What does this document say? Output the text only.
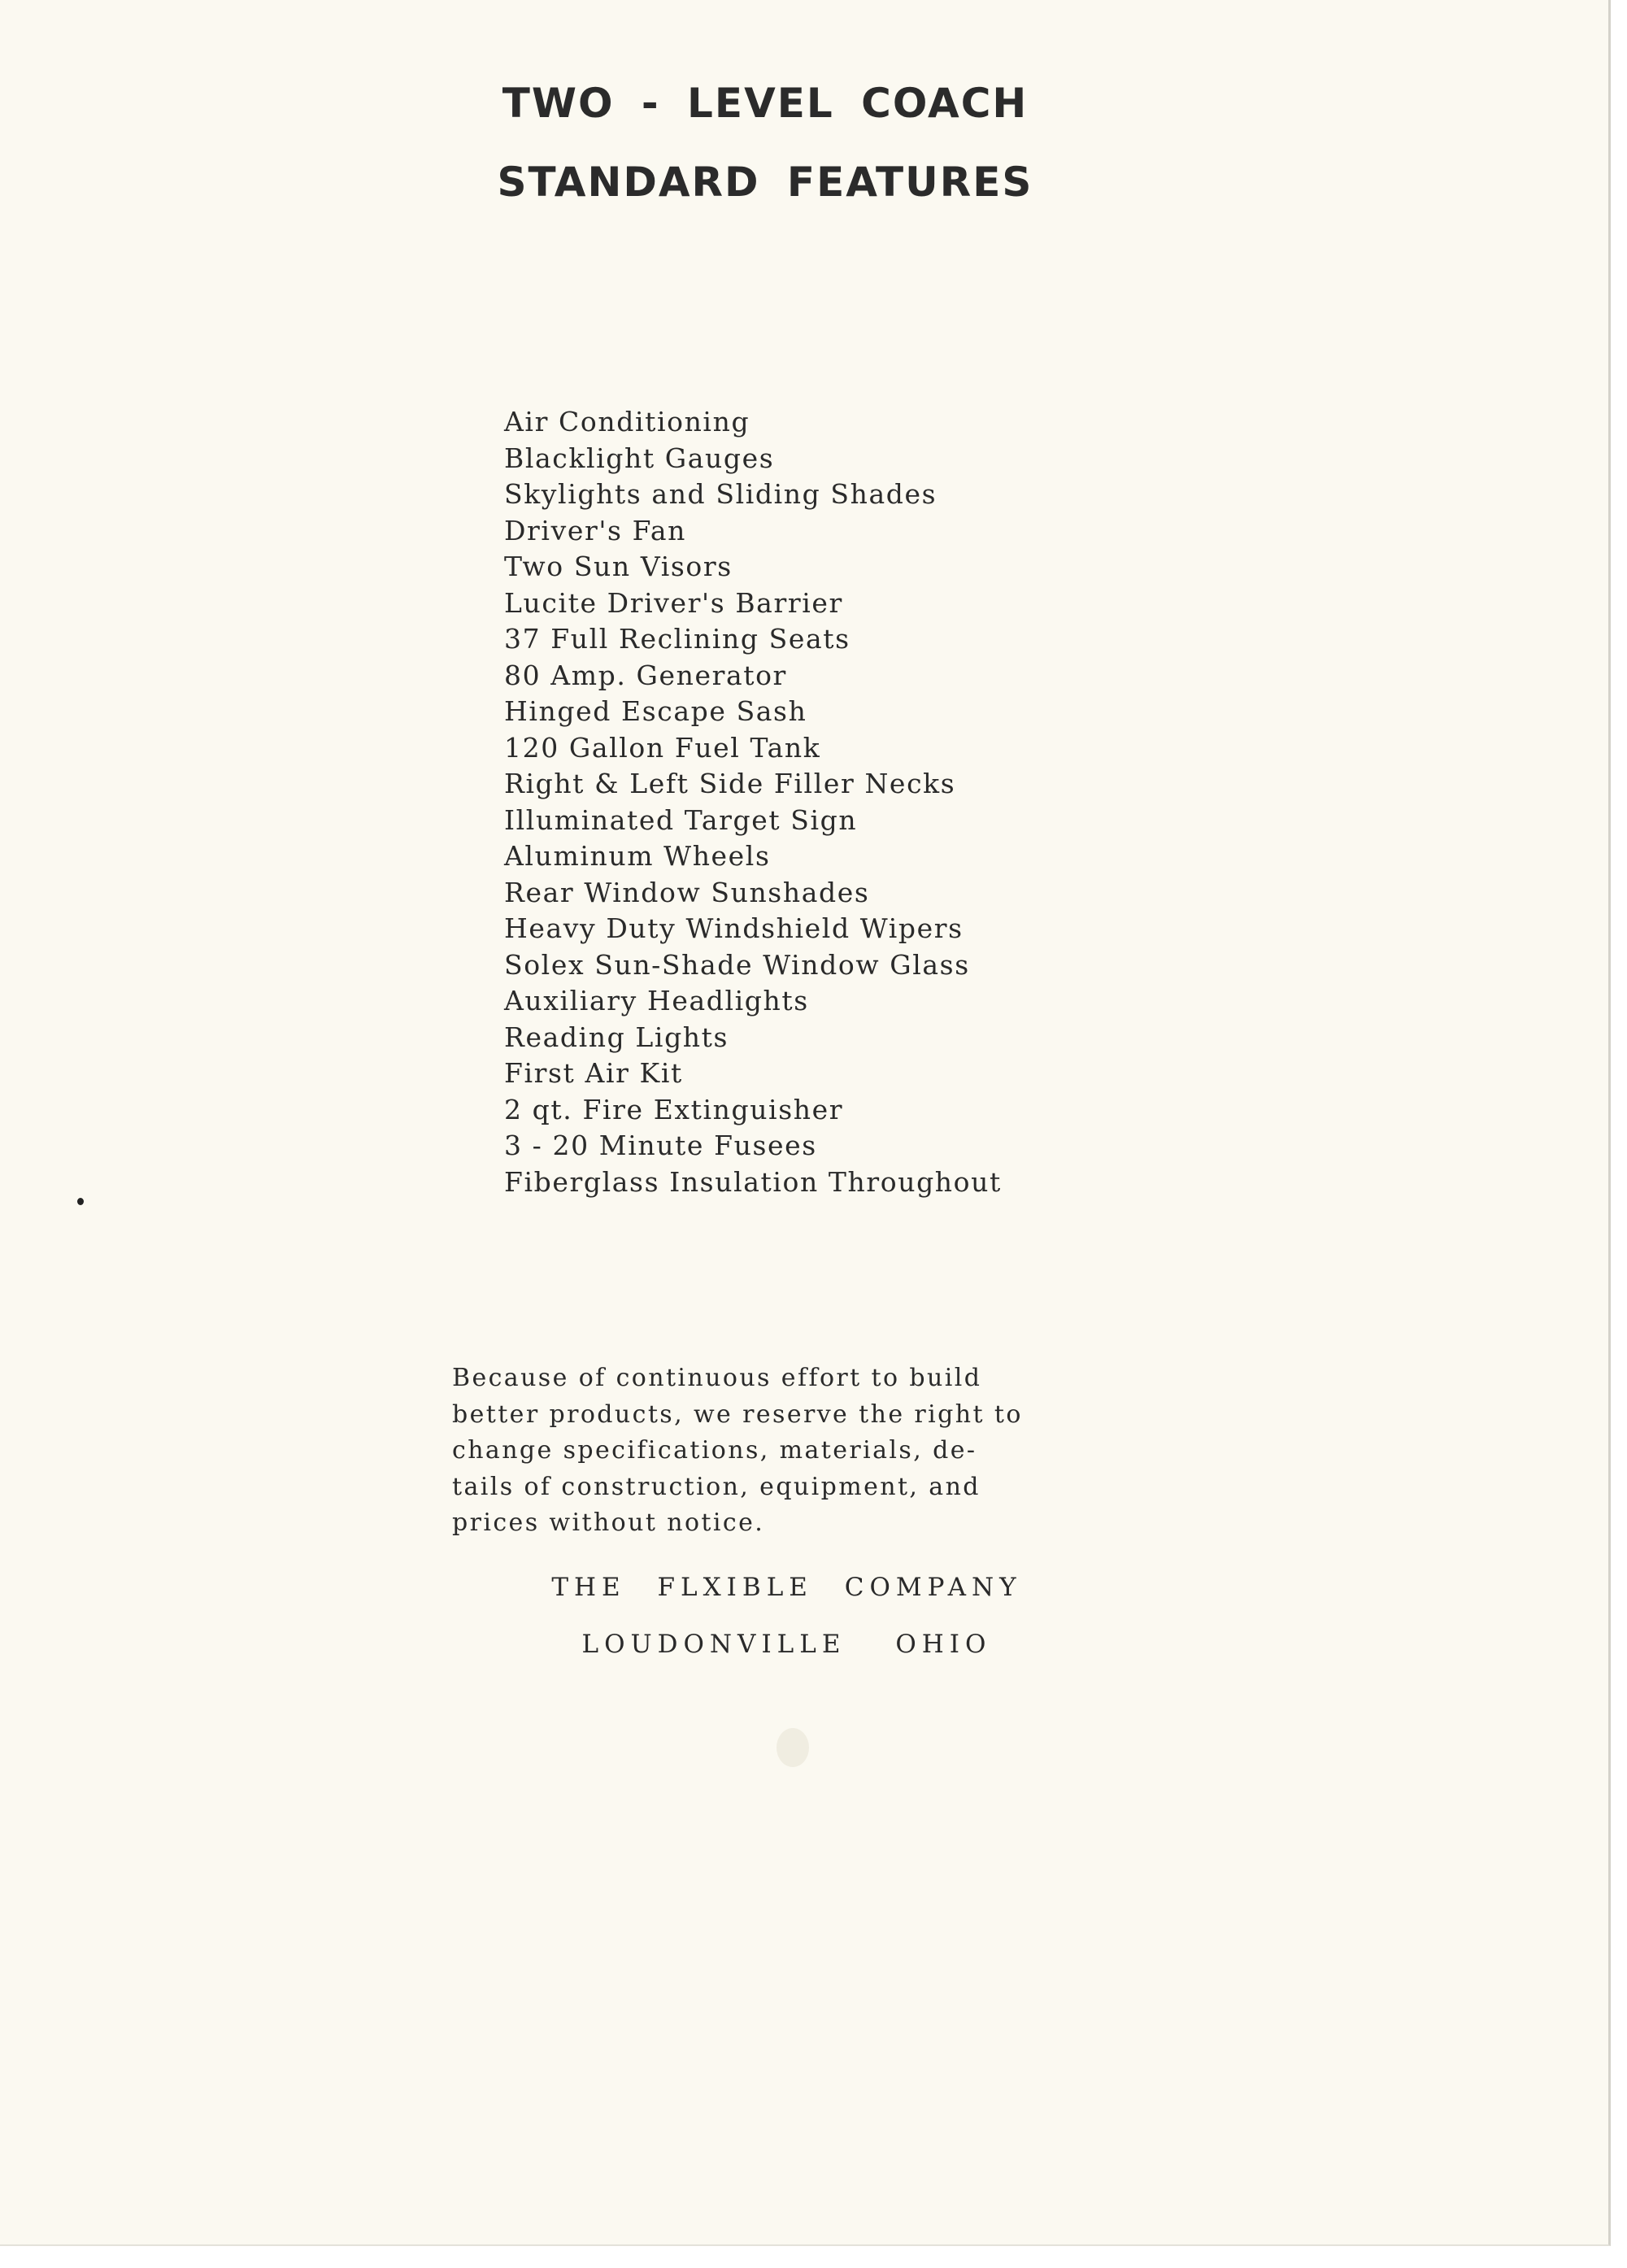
TWO - LEVEL COACH
STANDARD FEATURES
Air Conditioning
Blacklight Gauges
Skylights and Sliding Shades
Driver's Fan
Two Sun Visors
Lucite Driver's Barrier
37 Full Reclining Seats
80 Amp. Generator
Hinged Escape Sash
120 Gallon Fuel Tank
Right & Left Side Filler Necks
Illuminated Target Sign
Aluminum Wheels
Rear Window Sunshades
Heavy Duty Windshield Wipers
Solex Sun-Shade Window Glass
Auxiliary Headlights
Reading Lights
First Air Kit
2 qt. Fire Extinguisher
3 - 20 Minute Fusees
Fiberglass Insulation Throughout

Because of continuous effort to build
better products, we reserve the right to
change specifications, materials, de-
tails of construction, equipment, and
prices without notice.

THE FLXIBLE COMPANY

LOUDONVILLE OHIO
